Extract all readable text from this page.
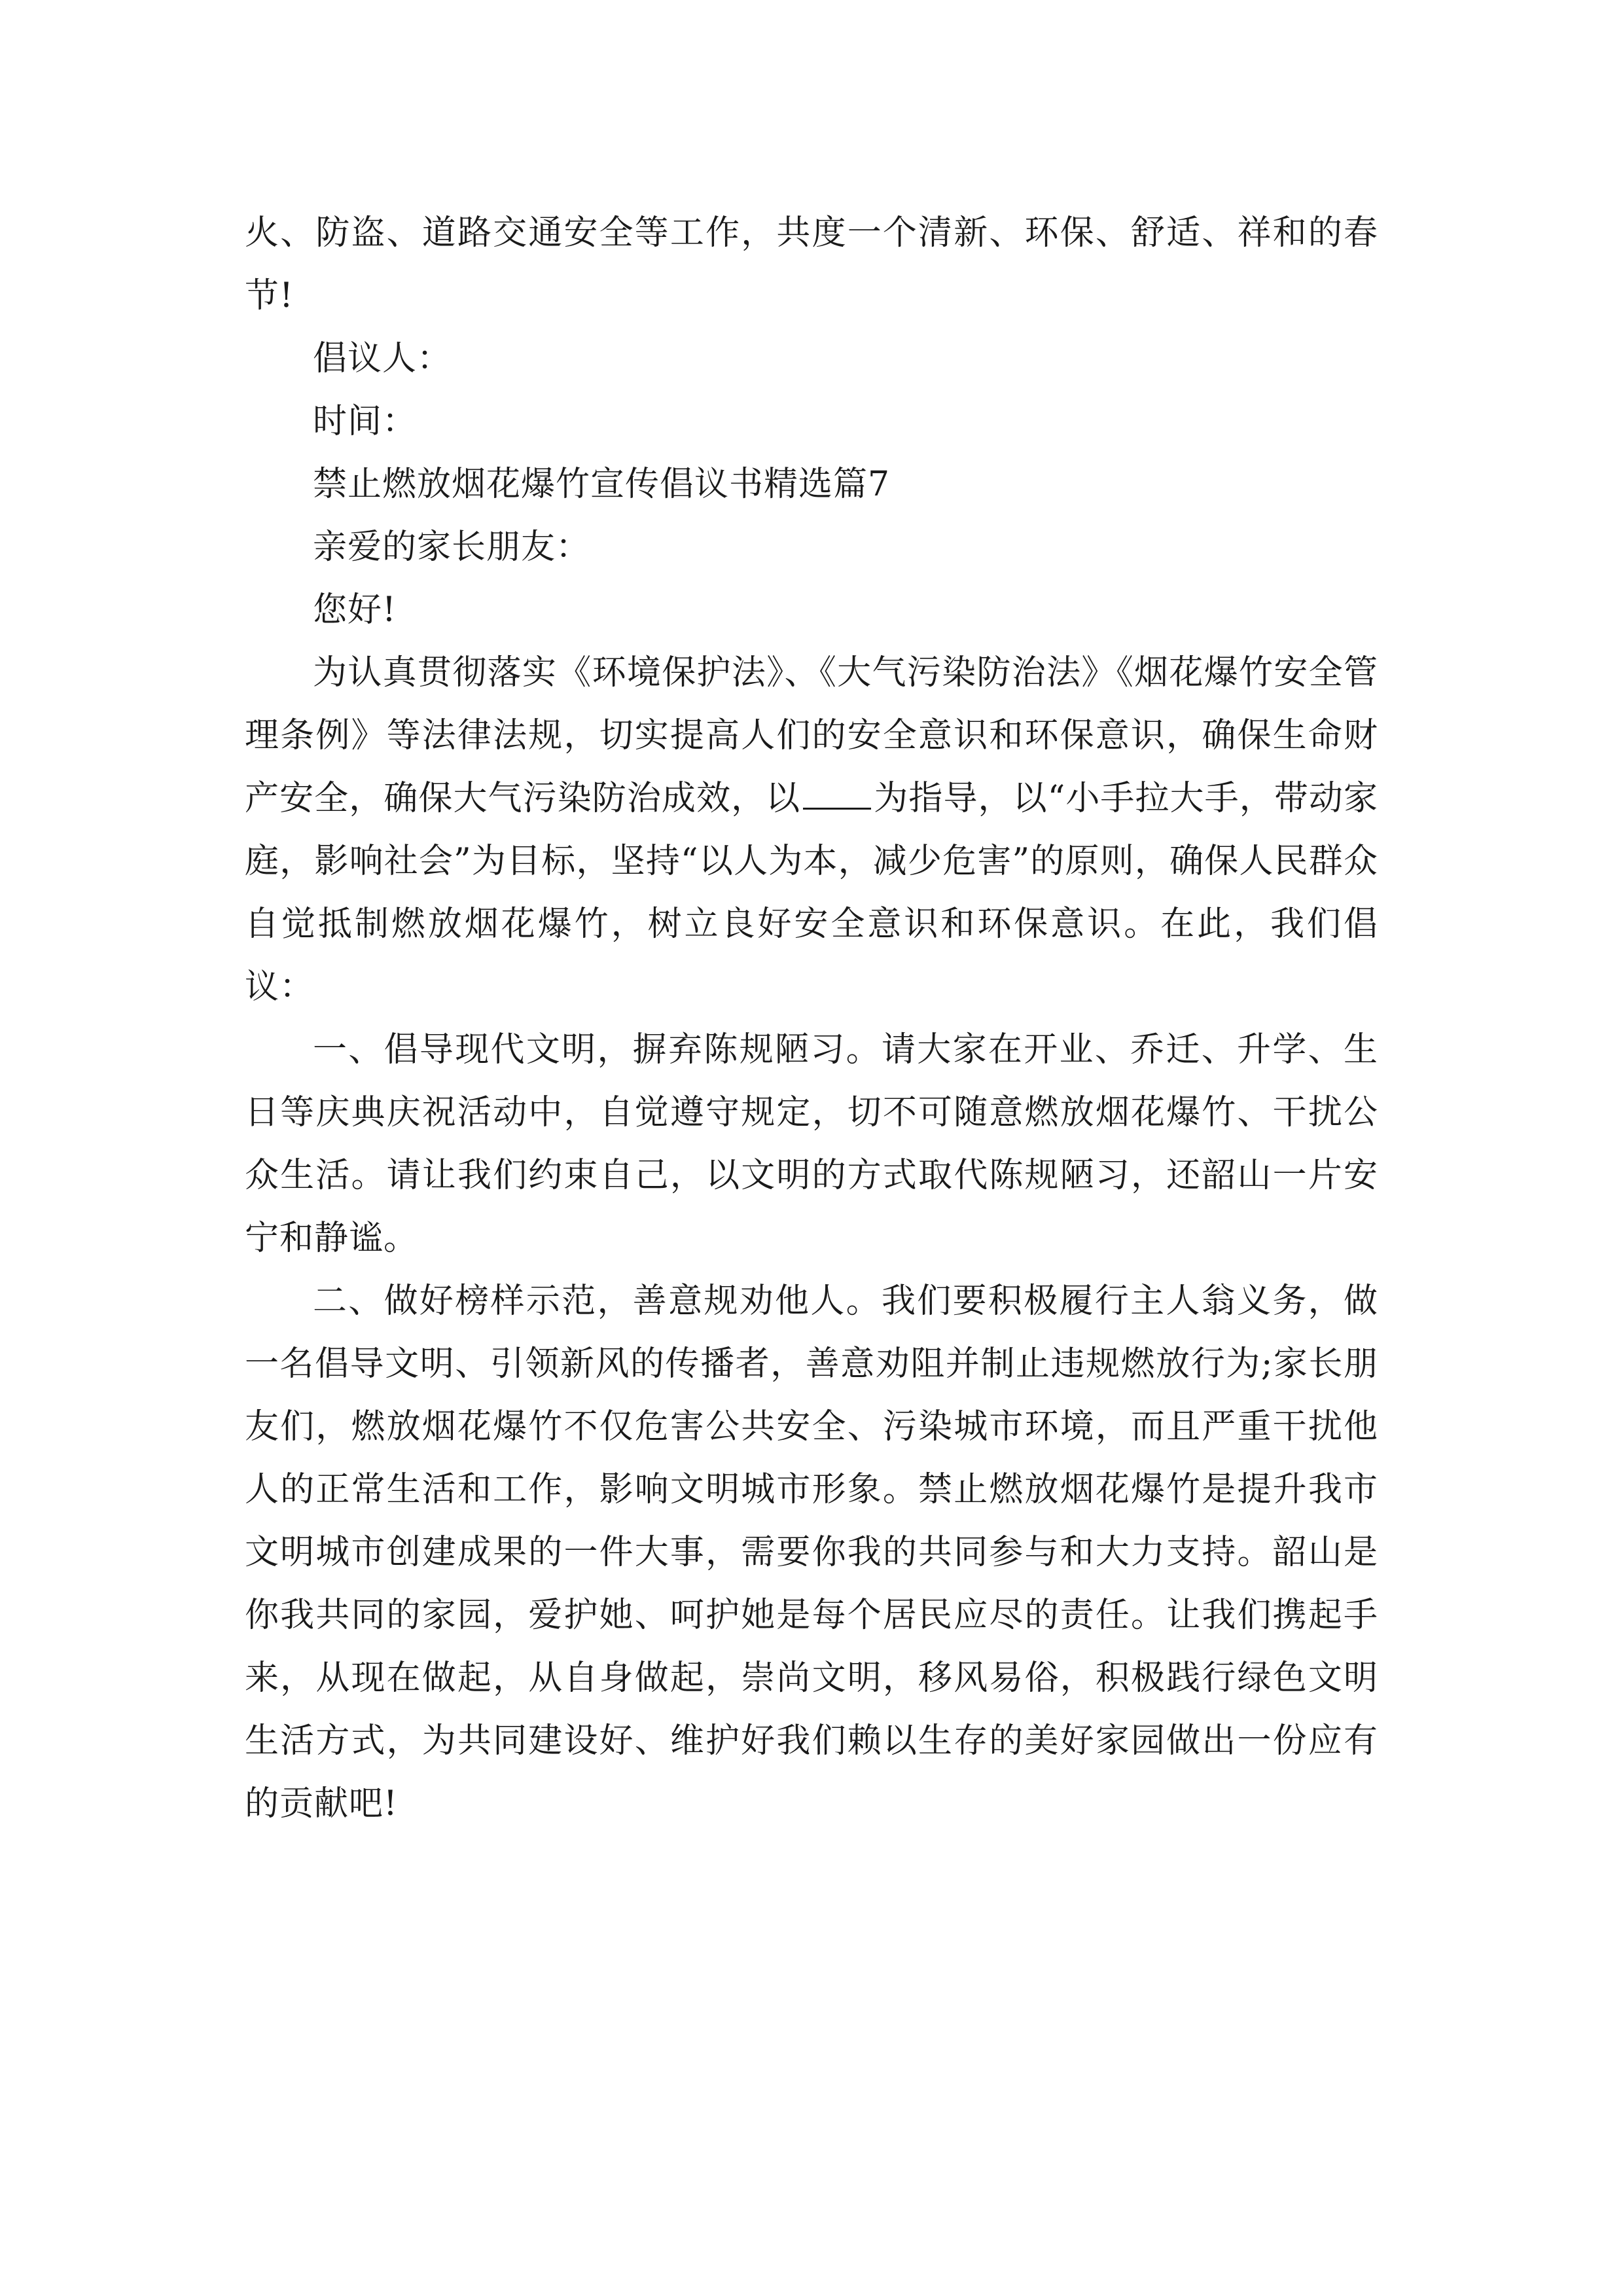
火、防盗、道路交通安全等工作，共度一个清新、环保、舒适、祥和的春节!

倡议人：

时间：

禁止燃放烟花爆竹宣传倡议书精选篇7

亲爱的家长朋友：

您好!

为认真贯彻落实《环境保护法》、《大气污染防治法》《烟花爆竹安全管理条例》等法律法规，切实提高人们的安全意识和环保意识，确保生命财产安全，确保大气污染防治成效，以 为指导，以“小手拉大手，带动家庭，影响社会”为目标，坚持“以人为本，减少危害”的原则，确保人民群众自觉抵制燃放烟花爆竹，树立良好安全意识和环保意识。在此，我们倡议：

一、倡导现代文明，摒弃陈规陋习。请大家在开业、乔迁、升学、生日等庆典庆祝活动中，自觉遵守规定，切不可随意燃放烟花爆竹、干扰公众生活。请让我们约束自己，以文明的方式取代陈规陋习，还韶山一片安宁和静谧。

二、做好榜样示范，善意规劝他人。我们要积极履行主人翁义务，做一名倡导文明、引领新风的传播者，善意劝阻并制止违规燃放行为;家长朋友们，燃放烟花爆竹不仅危害公共安全、污染城市环境，而且严重干扰他人的正常生活和工作，影响文明城市形象。禁止燃放烟花爆竹是提升我市文明城市创建成果的一件大事，需要你我的共同参与和大力支持。韶山是你我共同的家园，爱护她、呵护她是每个居民应尽的责任。让我们携起手来，从现在做起，从自身做起，崇尚文明，移风易俗，积极践行绿色文明生活方式，为共同建设好、维护好我们赖以生存的美好家园做出一份应有的贡献吧!
